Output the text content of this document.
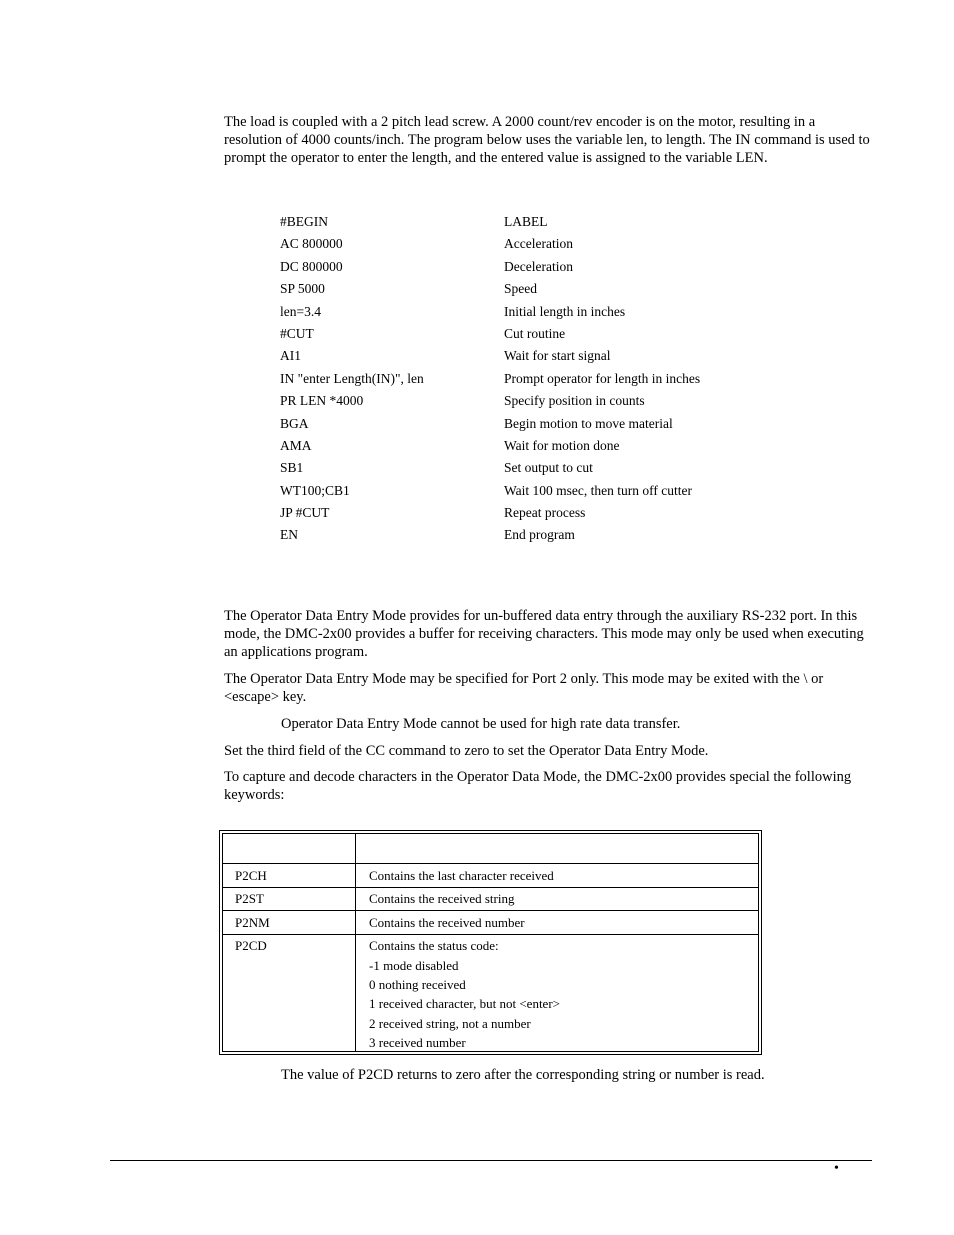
The load is coupled with a 2 pitch lead screw. A 2000 count/rev encoder is on the motor, resulting in a resolution of 4000 counts/inch. The program below uses the variable len, to length. The IN command is used to prompt the operator to enter the length, and the entered value is assigned to the variable LEN.

#BEGIN	LABEL
AC 800000	Acceleration
DC 800000	Deceleration
SP 5000	Speed
len=3.4	Initial length in inches
#CUT	Cut routine
AI1	Wait for start signal
IN "enter Length(IN)", len	Prompt operator for length in inches
PR LEN *4000	Specify position in counts
BGA	Begin motion to move material
AMA	Wait for motion done
SB1	Set output to cut
WT100;CB1	Wait 100 msec, then turn off cutter
JP #CUT	Repeat process
EN	End program

The Operator Data Entry Mode provides for un-buffered data entry through the auxiliary RS-232 port. In this mode, the DMC-2x00 provides a buffer for receiving characters. This mode may only be used when executing an applications program.

The Operator Data Entry Mode may be specified for Port 2 only. This mode may be exited with the \ or <escape> key.

Operator Data Entry Mode cannot be used for high rate data transfer.

Set the third field of the CC command to zero to set the Operator Data Entry Mode.

To capture and decode characters in the Operator Data Mode, the DMC-2x00 provides special the following keywords:

P2CH	Contains the last character received
P2ST	Contains the received string
P2NM	Contains the received number
P2CD	Contains the status code:
-1 mode disabled
0 nothing received
1 received character, but not <enter>
2 received string, not a number
3 received number
The value of P2CD returns to zero after the corresponding string or number is read.
•
